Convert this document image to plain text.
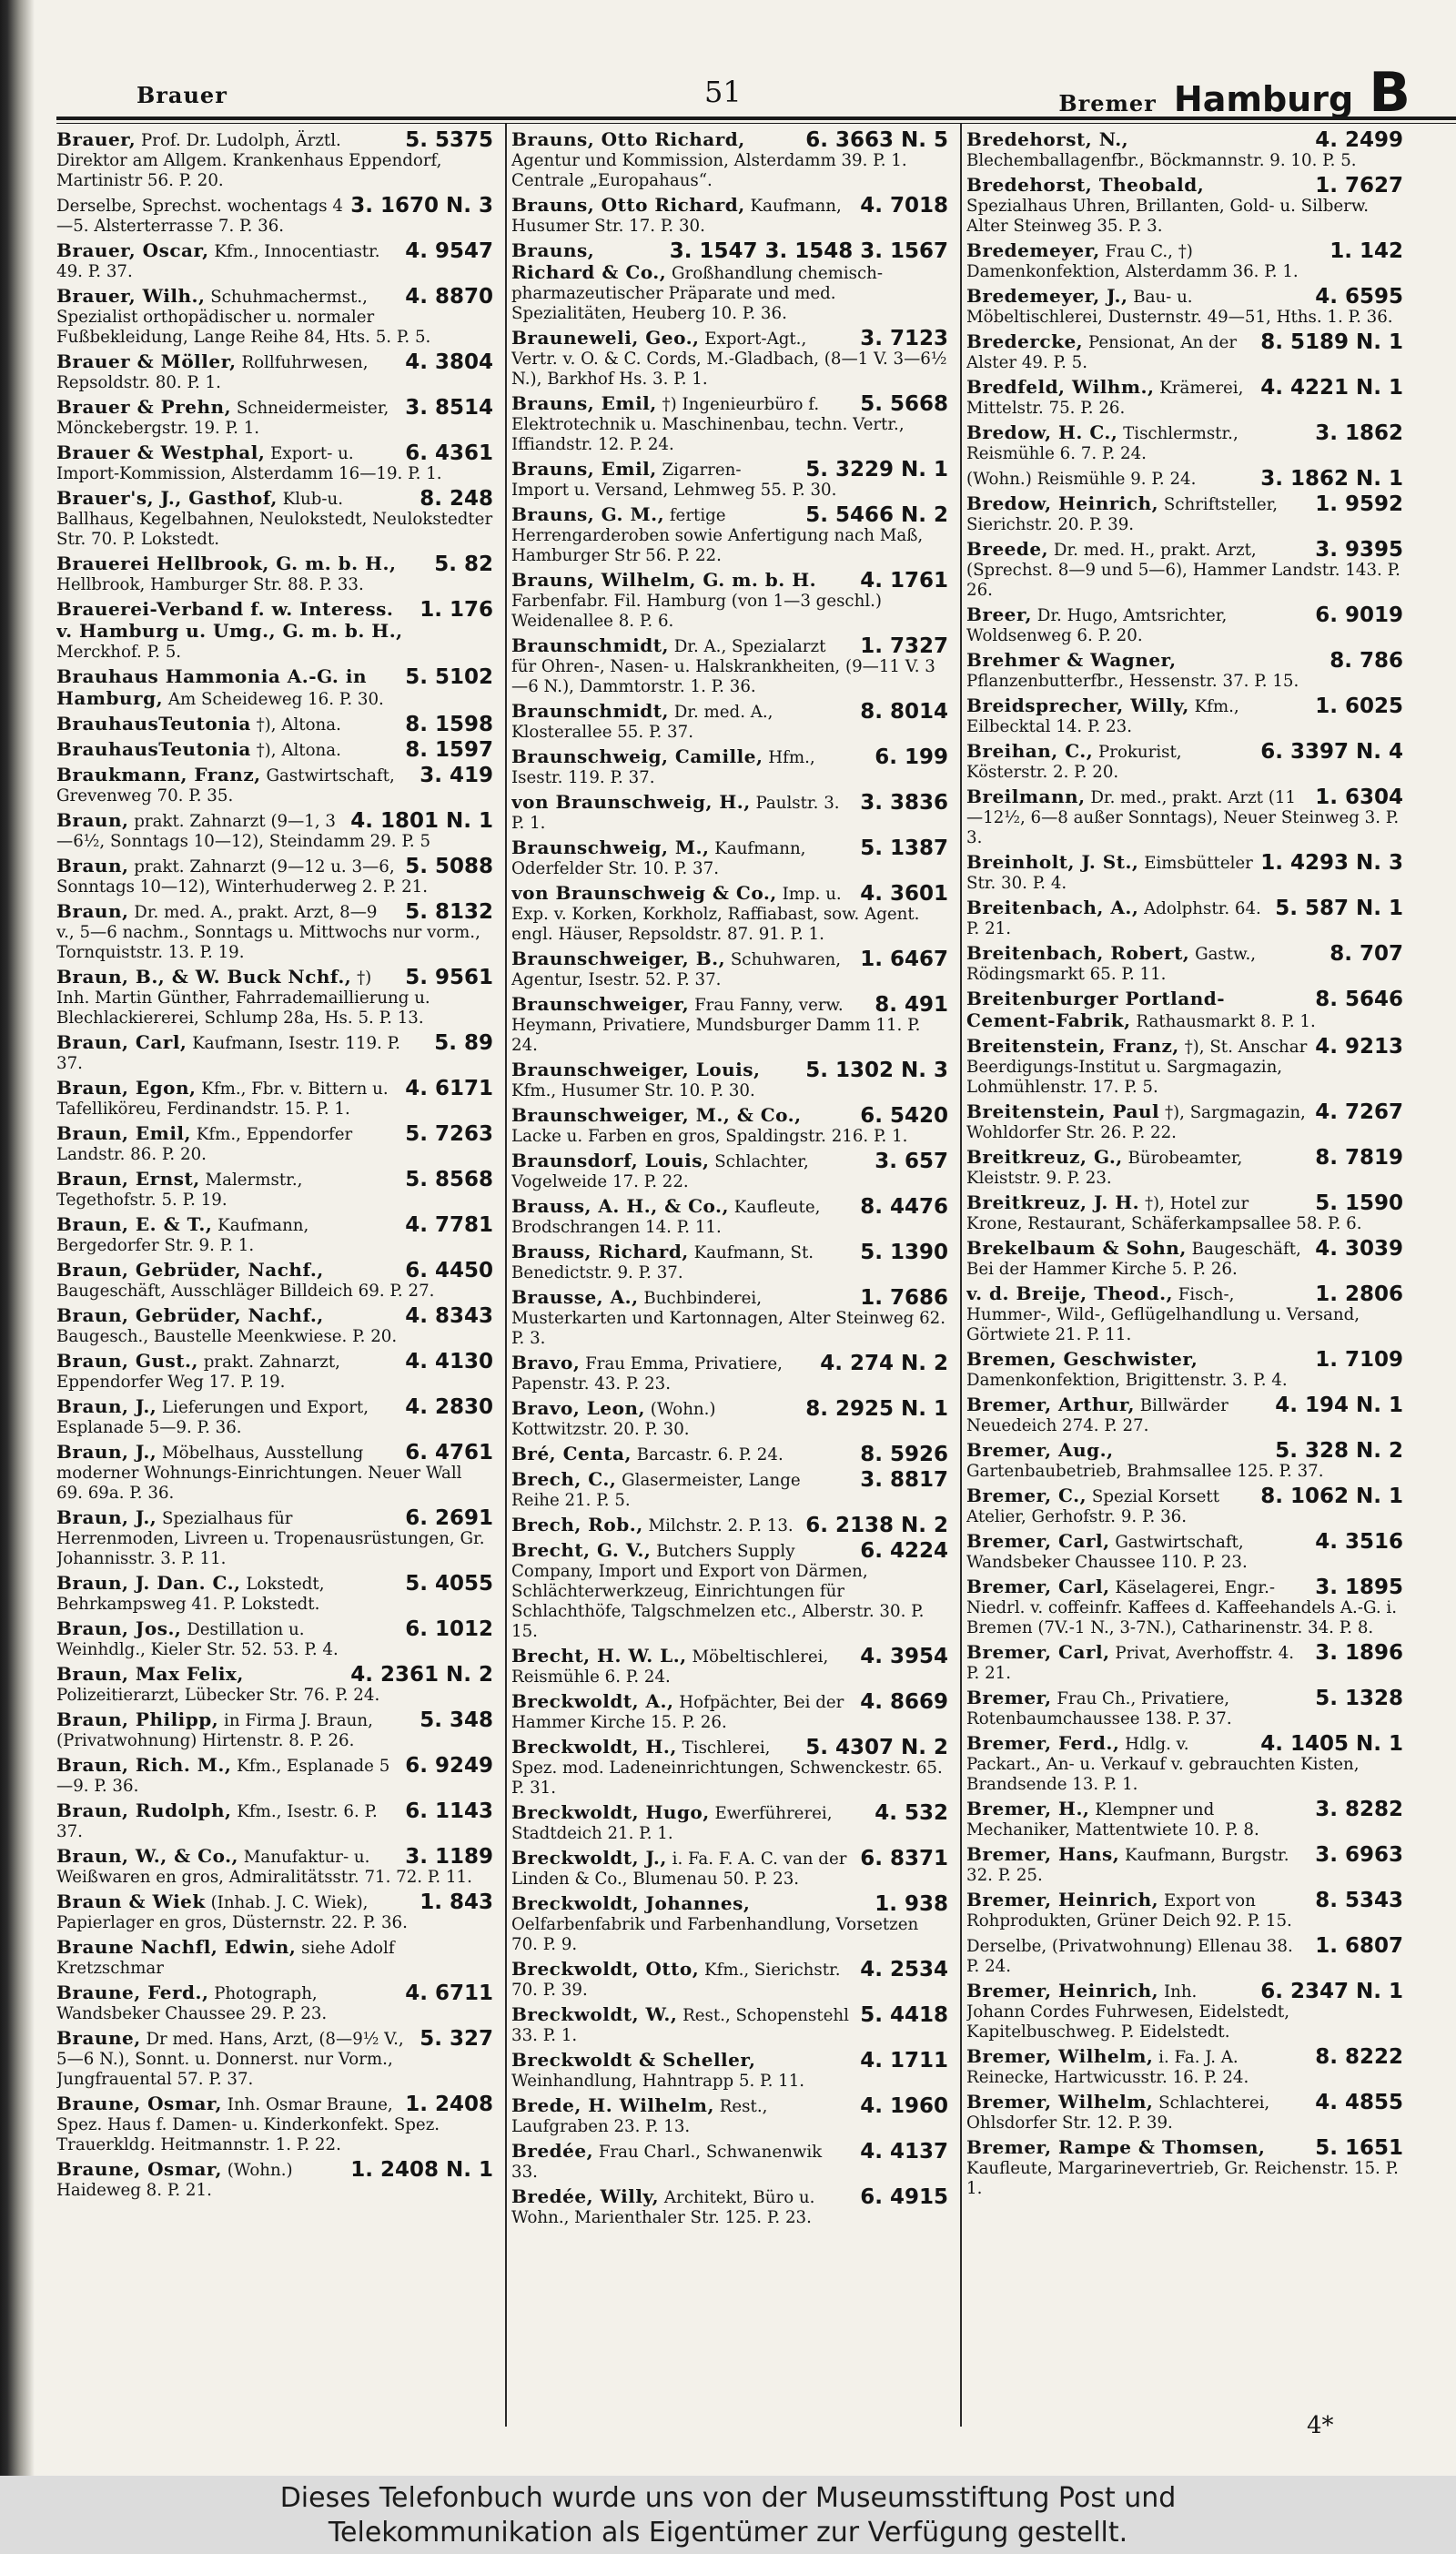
Brauer	51	Bremer Hamburg B
5. 5375
Brauer, Prof. Dr. Ludolph, Ärztl. Direktor am Allgem. Krankenhaus Eppendorf, Martinistr 56. P. 20.
3. 1670 N. 3
Derselbe, Sprechst. wochentags 4—5. Alsterterrasse 7. P. 36.
4. 9547
Brauer, Oscar, Kfm., Innocentiastr. 49. P. 37.
4. 8870
Brauer, Wilh., Schuhmachermst., Spezialist orthopädischer u. normaler Fußbekleidung, Lange Reihe 84, Hts. 5. P. 5.
4. 3804
Brauer & Möller, Rollfuhrwesen, Repsoldstr. 80. P. 1.
3. 8514
Brauer & Prehn, Schneidermeister, Mönckebergstr. 19. P. 1.
6. 4361
Brauer & Westphal, Export- u. Import-Kommission, Alsterdamm 16—19. P. 1.
8. 248
Brauer's, J., Gasthof, Klub-u. Ballhaus, Kegelbahnen, Neulokstedt, Neulokstedter Str. 70. P. Lokstedt.
5. 82
Brauerei Hellbrook, G. m. b. H., Hellbrook, Hamburger Str. 88. P. 33.
1. 176
Brauerei-Verband f. w. Interess. v. Hamburg u. Umg., G. m. b. H., Merckhof. P. 5.
5. 5102
Brauhaus Hammonia A.-G. in Hamburg, Am Scheideweg 16. P. 30.
8. 1598
BrauhausTeutonia †), Altona.
8. 1597
BrauhausTeutonia †), Altona.
3. 419
Braukmann, Franz, Gastwirtschaft, Grevenweg 70. P. 35.
4. 1801 N. 1
Braun, prakt. Zahnarzt (9—1, 3—6½, Sonntags 10—12), Steindamm 29. P. 5
5. 5088
Braun, prakt. Zahnarzt (9—12 u. 3—6, Sonntags 10—12), Winterhuderweg 2. P. 21.
5. 8132
Braun, Dr. med. A., prakt. Arzt, 8—9 v., 5—6 nachm., Sonntags u. Mittwochs nur vorm., Tornquiststr. 13. P. 19.
5. 9561
Braun, B., & W. Buck Nchf., †) Inh. Martin Günther, Fahrrademaillierung u. Blechlackiererei, Schlump 28a, Hs. 5. P. 13.
5. 89
Braun, Carl, Kaufmann, Isestr. 119. P. 37.
4. 6171
Braun, Egon, Kfm., Fbr. v. Bittern u. Tafelliköreu, Ferdinandstr. 15. P. 1.
5. 7263
Braun, Emil, Kfm., Eppendorfer Landstr. 86. P. 20.
5. 8568
Braun, Ernst, Malermstr., Tegethofstr. 5. P. 19.
4. 7781
Braun, E. & T., Kaufmann, Bergedorfer Str. 9. P. 1.
6. 4450
Braun, Gebrüder, Nachf., Baugeschäft, Ausschläger Billdeich 69. P. 27.
4. 8343
Braun, Gebrüder, Nachf., Baugesch., Baustelle Meenkwiese. P. 20.
4. 4130
Braun, Gust., prakt. Zahnarzt, Eppendorfer Weg 17. P. 19.
4. 2830
Braun, J., Lieferungen und Export, Esplanade 5—9. P. 36.
6. 4761
Braun, J., Möbelhaus, Ausstellung moderner Wohnungs-Einrichtungen. Neuer Wall 69. 69a. P. 36.
6. 2691
Braun, J., Spezialhaus für Herrenmoden, Livreen u. Tropenausrüstungen, Gr. Johannisstr. 3. P. 11.
5. 4055
Braun, J. Dan. C., Lokstedt, Behrkampsweg 41. P. Lokstedt.
6. 1012
Braun, Jos., Destillation u. Weinhdlg., Kieler Str. 52. 53. P. 4.
4. 2361 N. 2
Braun, Max Felix, Polizeitierarzt, Lübecker Str. 76. P. 24.
5. 348
Braun, Philipp, in Firma J. Braun, (Privatwohnung) Hirtenstr. 8. P. 26.
6. 9249
Braun, Rich. M., Kfm., Esplanade 5—9. P. 36.
6. 1143
Braun, Rudolph, Kfm., Isestr. 6. P. 37.
3. 1189
Braun, W., & Co., Manufaktur- u. Weißwaren en gros, Admiralitätsstr. 71. 72. P. 11.
1. 843
Braun & Wiek (Inhab. J. C. Wiek), Papierlager en gros, Düsternstr. 22. P. 36.
Braune Nachfl, Edwin, siehe Adolf Kretzschmar
4. 6711
Braune, Ferd., Photograph, Wandsbeker Chaussee 29. P. 23.
5. 327
Braune, Dr med. Hans, Arzt, (8—9½ V., 5—6 N.), Sonnt. u. Donnerst. nur Vorm., Jungfrauental 57. P. 37.
1. 2408
Braune, Osmar, Inh. Osmar Braune, Spez. Haus f. Damen- u. Kinderkonfekt. Spez. Trauerkldg. Heitmannstr. 1. P. 22.
1. 2408 N. 1
Braune, Osmar, (Wohn.) Haideweg 8. P. 21.
6. 3663 N. 5
Brauns, Otto Richard, Agentur und Kommission, Alsterdamm 39. P. 1. Centrale „Europahaus“.
4. 7018
Brauns, Otto Richard, Kaufmann, Husumer Str. 17. P. 30.
3. 1547 3. 1548 3. 1567
Brauns, Richard & Co., Großhandlung chemisch-pharmazeutischer Präparate und med. Spezialitäten, Heuberg 10. P. 36.
3. 7123
Brauneweli, Geo., Export-Agt., Vertr. v. O. & C. Cords, M.-Gladbach, (8—1 V. 3—6½ N.), Barkhof Hs. 3. P. 1.
5. 5668
Brauns, Emil, †) Ingenieurbüro f. Elektrotechnik u. Maschinenbau, techn. Vertr., Iffiandstr. 12. P. 24.
5. 3229 N. 1
Brauns, Emil, Zigarren-Import u. Versand, Lehmweg 55. P. 30.
5. 5466 N. 2
Brauns, G. M., fertige Herrengarderoben sowie Anfertigung nach Maß, Hamburger Str 56. P. 22.
4. 1761
Brauns, Wilhelm, G. m. b. H. Farbenfabr. Fil. Hamburg (von 1—3 geschl.) Weidenallee 8. P. 6.
1. 7327
Braunschmidt, Dr. A., Spezialarzt für Ohren-, Nasen- u. Halskrankheiten, (9—11 V. 3—6 N.), Dammtorstr. 1. P. 36.
8. 8014
Braunschmidt, Dr. med. A., Klosterallee 55. P. 37.
6. 199
Braunschweig, Camille, Hfm., Isestr. 119. P. 37.
3. 3836
von Braunschweig, H., Paulstr. 3. P. 1.
5. 1387
Braunschweig, M., Kaufmann, Oderfelder Str. 10. P. 37.
4. 3601
von Braunschweig & Co., Imp. u. Exp. v. Korken, Korkholz, Raffiabast, sow. Agent. engl. Häuser, Repsoldstr. 87. 91. P. 1.
1. 6467
Braunschweiger, B., Schuhwaren, Agentur, Isestr. 52. P. 37.
8. 491
Braunschweiger, Frau Fanny, verw. Heymann, Privatiere, Mundsburger Damm 11. P. 24.
5. 1302 N. 3
Braunschweiger, Louis, Kfm., Husumer Str. 10. P. 30.
6. 5420
Braunschweiger, M., & Co., Lacke u. Farben en gros, Spaldingstr. 216. P. 1.
3. 657
Braunsdorf, Louis, Schlachter, Vogelweide 17. P. 22.
8. 4476
Brauss, A. H., & Co., Kaufleute, Brodschrangen 14. P. 11.
5. 1390
Brauss, Richard, Kaufmann, St. Benedictstr. 9. P. 37.
1. 7686
Brausse, A., Buchbinderei, Musterkarten und Kartonnagen, Alter Steinweg 62. P. 3.
4. 274 N. 2
Bravo, Frau Emma, Privatiere, Papenstr. 43. P. 23.
8. 2925 N. 1
Bravo, Leon, (Wohn.) Kottwitzstr. 20. P. 30.
8. 5926
Bré, Centa, Barcastr. 6. P. 24.
3. 8817
Brech, C., Glasermeister, Lange Reihe 21. P. 5.
6. 2138 N. 2
Brech, Rob., Milchstr. 2. P. 13.
6. 4224
Brecht, G. V., Butchers Supply Company, Import und Export von Därmen, Schlächterwerkzeug, Einrichtungen für Schlachthöfe, Talgschmelzen etc., Alberstr. 30. P. 15.
4. 3954
Brecht, H. W. L., Möbeltischlerei, Reismühle 6. P. 24.
4. 8669
Breckwoldt, A., Hofpächter, Bei der Hammer Kirche 15. P. 26.
5. 4307 N. 2
Breckwoldt, H., Tischlerei, Spez. mod. Ladeneinrichtungen, Schwenckestr. 65. P. 31.
4. 532
Breckwoldt, Hugo, Ewerführerei, Stadtdeich 21. P. 1.
6. 8371
Breckwoldt, J., i. Fa. F. A. C. van der Linden & Co., Blumenau 50. P. 23.
1. 938
Breckwoldt, Johannes, Oelfarbenfabrik und Farbenhandlung, Vorsetzen 70. P. 9.
4. 2534
Breckwoldt, Otto, Kfm., Sierichstr. 70. P. 39.
5. 4418
Breckwoldt, W., Rest., Schopenstehl 33. P. 1.
4. 1711
Breckwoldt & Scheller, Weinhandlung, Hahntrapp 5. P. 11.
4. 1960
Brede, H. Wilhelm, Rest., Laufgraben 23. P. 13.
4. 4137
Bredée, Frau Charl., Schwanenwik 33.
6. 4915
Bredée, Willy, Architekt, Büro u. Wohn., Marienthaler Str. 125. P. 23.
4. 2499
Bredehorst, N., Blechemballagenfbr., Böckmannstr. 9. 10. P. 5.
1. 7627
Bredehorst, Theobald, Spezialhaus Uhren, Brillanten, Gold- u. Silberw. Alter Steinweg 35. P. 3.
1. 142
Bredemeyer, Frau C., †) Damenkonfektion, Alsterdamm 36. P. 1.
4. 6595
Bredemeyer, J., Bau- u. Möbeltischlerei, Dusternstr. 49—51, Hths. 1. P. 36.
8. 5189 N. 1
Bredercke, Pensionat, An der Alster 49. P. 5.
4. 4221 N. 1
Bredfeld, Wilhm., Krämerei, Mittelstr. 75. P. 26.
3. 1862
Bredow, H. C., Tischlermstr., Reismühle 6. 7. P. 24.
3. 1862 N. 1
(Wohn.) Reismühle 9. P. 24.
1. 9592
Bredow, Heinrich, Schriftsteller, Sierichstr. 20. P. 39.
3. 9395
Breede, Dr. med. H., prakt. Arzt, (Sprechst. 8—9 und 5—6), Hammer Landstr. 143. P. 26.
6. 9019
Breer, Dr. Hugo, Amtsrichter, Woldsenweg 6. P. 20.
8. 786
Brehmer & Wagner, Pflanzenbutterfbr., Hessenstr. 37. P. 15.
1. 6025
Breidsprecher, Willy, Kfm., Eilbecktal 14. P. 23.
6. 3397 N. 4
Breihan, C., Prokurist, Kösterstr. 2. P. 20.
1. 6304
Breilmann, Dr. med., prakt. Arzt (11—12½, 6—8 außer Sonntags), Neuer Steinweg 3. P. 3.
1. 4293 N. 3
Breinholt, J. St., Eimsbütteler Str. 30. P. 4.
5. 587 N. 1
Breitenbach, A., Adolphstr. 64. P. 21.
8. 707
Breitenbach, Robert, Gastw., Rödingsmarkt 65. P. 11.
8. 5646
Breitenburger Portland-Cement-Fabrik, Rathausmarkt 8. P. 1.
4. 9213
Breitenstein, Franz, †), St. Anschar Beerdigungs-Institut u. Sargmagazin, Lohmühlenstr. 17. P. 5.
4. 7267
Breitenstein, Paul †), Sargmagazin, Wohldorfer Str. 26. P. 22.
8. 7819
Breitkreuz, G., Bürobeamter, Kleiststr. 9. P. 23.
5. 1590
Breitkreuz, J. H. †), Hotel zur Krone, Restaurant, Schäferkampsallee 58. P. 6.
4. 3039
Brekelbaum & Sohn, Baugeschäft, Bei der Hammer Kirche 5. P. 26.
1. 2806
v. d. Breije, Theod., Fisch-, Hummer-, Wild-, Geflügelhandlung u. Versand, Görtwiete 21. P. 11.
1. 7109
Bremen, Geschwister, Damenkonfektion, Brigittenstr. 3. P. 4.
4. 194 N. 1
Bremer, Arthur, Billwärder Neuedeich 274. P. 27.
5. 328 N. 2
Bremer, Aug., Gartenbaubetrieb, Brahmsallee 125. P. 37.
8. 1062 N. 1
Bremer, C., Spezial Korsett Atelier, Gerhofstr. 9. P. 36.
4. 3516
Bremer, Carl, Gastwirtschaft, Wandsbeker Chaussee 110. P. 23.
3. 1895
Bremer, Carl, Käselagerei, Engr.-Niedrl. v. coffeinfr. Kaffees d. Kaffeehandels A.-G. i. Bremen (7V.-1 N., 3-7N.), Catharinenstr. 34. P. 8.
3. 1896
Bremer, Carl, Privat, Averhoffstr. 4. P. 21.
5. 1328
Bremer, Frau Ch., Privatiere, Rotenbaumchaussee 138. P. 37.
4. 1405 N. 1
Bremer, Ferd., Hdlg. v. Packart., An- u. Verkauf v. gebrauchten Kisten, Brandsende 13. P. 1.
3. 8282
Bremer, H., Klempner und Mechaniker, Mattentwiete 10. P. 8.
3. 6963
Bremer, Hans, Kaufmann, Burgstr. 32. P. 25.
8. 5343
Bremer, Heinrich, Export von Rohprodukten, Grüner Deich 92. P. 15.
1. 6807
Derselbe, (Privatwohnung) Ellenau 38. P. 24.
6. 2347 N. 1
Bremer, Heinrich, Inh. Johann Cordes Fuhrwesen, Eidelstedt, Kapitelbuschweg. P. Eidelstedt.
8. 8222
Bremer, Wilhelm, i. Fa. J. A. Reinecke, Hartwicusstr. 16. P. 24.
4. 4855
Bremer, Wilhelm, Schlachterei, Ohlsdorfer Str. 12. P. 39.
5. 1651
Bremer, Rampe & Thomsen, Kaufleute, Margarinevertrieb, Gr. Reichenstr. 15. P. 1.
4*
Dieses Telefonbuch wurde uns von der Museumsstiftung Post und
Telekommunikation als Eigentümer zur Verfügung gestellt.
